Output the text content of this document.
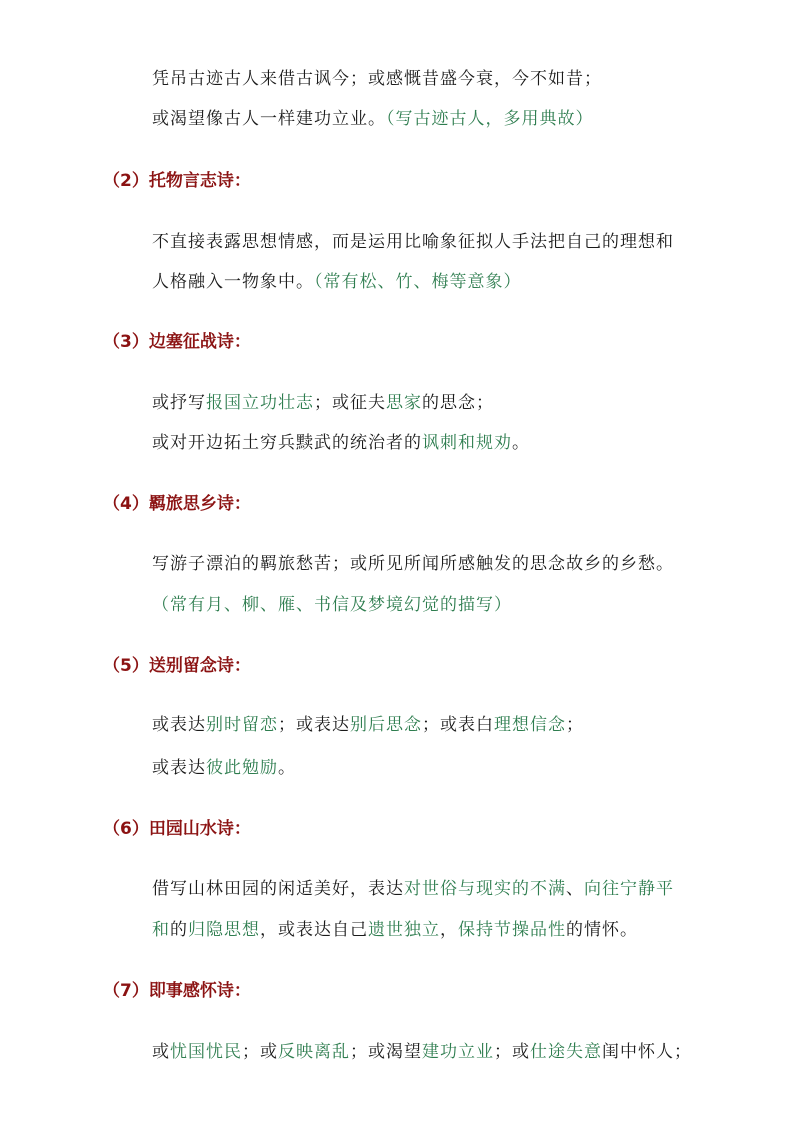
凭吊古迹古人来借古讽今；或感慨昔盛今衰，今不如昔；
或渴望像古人一样建功立业。（写古迹古人，多用典故）
（2）托物言志诗：
不直接表露思想情感，而是运用比喻象征拟人手法把自己的理想和
人格融入一物象中。（常有松、竹、梅等意象）
（3）边塞征战诗：
或抒写报国立功壮志；或征夫思家的思念；
或对开边拓土穷兵黩武的统治者的讽刺和规劝。
（4）羁旅思乡诗：
写游子漂泊的羁旅愁苦；或所见所闻所感触发的思念故乡的乡愁。
（常有月、柳、雁、书信及梦境幻觉的描写）
（5）送别留念诗：
或表达别时留恋；或表达别后思念；或表白理想信念；
或表达彼此勉励。
（6）田园山水诗：
借写山林田园的闲适美好，表达对世俗与现实的不满、向往宁静平
和的归隐思想，或表达自己遗世独立，保持节操品性的情怀。
（7）即事感怀诗：
或忧国忧民；或反映离乱；或渴望建功立业；或仕途失意闺中怀人；
